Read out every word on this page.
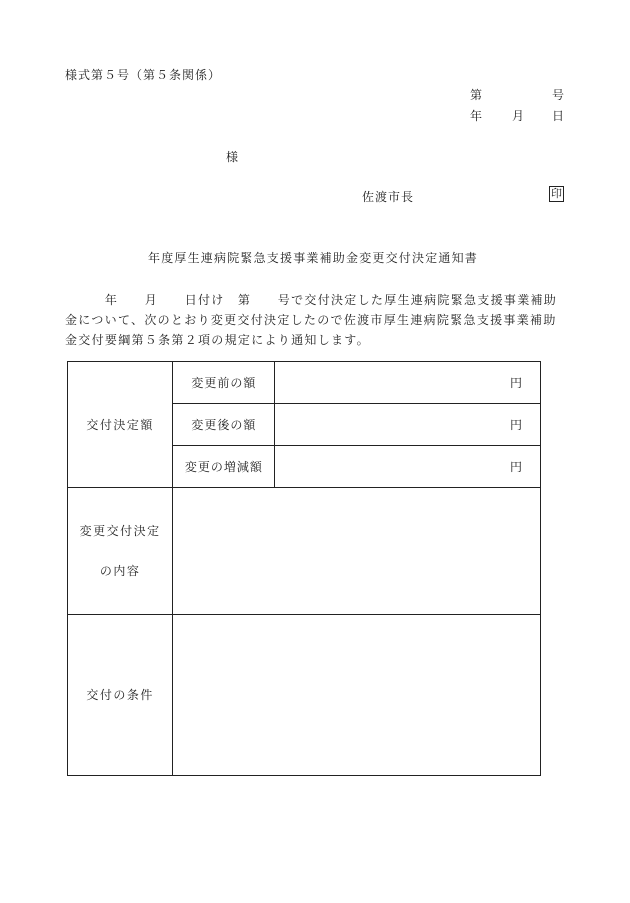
様式第５号（第５条関係）
第	号
年 月 日
様
佐渡市長	印
年度厚生連病院緊急支援事業補助金変更交付決定通知書
　　　年　　月　　日付け　第　　号で交付決定した厚生連病院緊急支援事業補助
金について、次のとおり変更交付決定したので佐渡市厚生連病院緊急支援事業補助
金交付要綱第５条第２項の規定により通知します。
交付決定額	変更前の額	円
	変更後の額	円
	変更の増減額	円

変更交付決定
の内容		

交付の条件		
